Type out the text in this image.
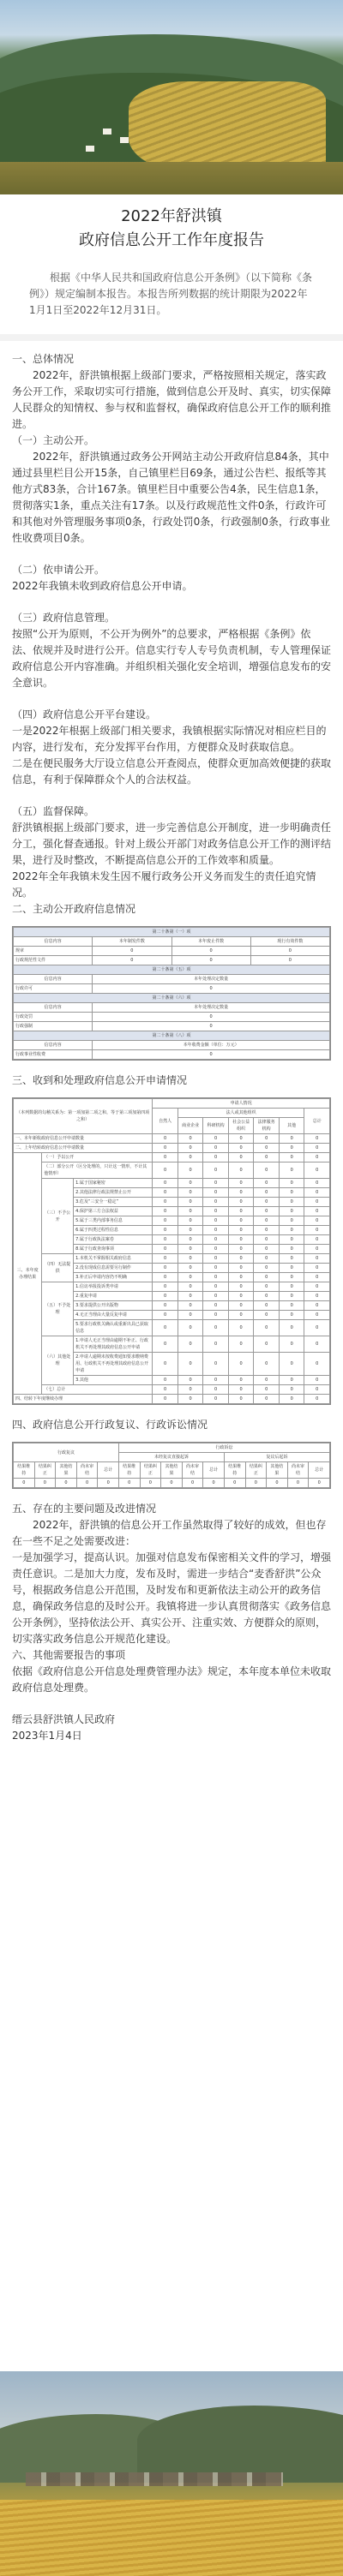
2022年舒洪镇
政府信息公开工作年度报告
根据《中华人民共和国政府信息公开条例》（以下简称《条例》）规定编制本报告。本报告所列数据的统计期限为2022年1月1日至2022年12月31日。

一、总体情况

2022年，舒洪镇根据上级部门要求，严格按照相关规定，落实政务公开工作，采取切实可行措施，做到信息公开及时、真实，切实保障人民群众的知情权、参与权和监督权，确保政府信息公开工作的顺利推进。

（一）主动公开。

2022年，舒洪镇通过政务公开网站主动公开政府信息84条，其中通过县里栏目公开15条，自己镇里栏目69条，通过公告栏、报纸等其他方式83条，合计167条。镇里栏目中重要公告4条，民生信息1条，贯彻落实1条，重点关注有17条。以及行政规范性文件0条，行政许可和其他对外管理服务事项0条，行政处罚0条，行政强制0条，行政事业性收费项目0条。

（二）依申请公开。

2022年我镇未收到政府信息公开申请。

（三）政府信息管理。

按照“公开为原则，不公开为例外”的总要求，严格根据《条例》依法、依规并及时进行公开。信息实行专人专号负责机制，专人管理保证政府信息公开内容准确。并组织相关强化安全培训，增强信息发布的安全意识。

（四）政府信息公开平台建设。

一是2022年根据上级部门相关要求，我镇根据实际情况对相应栏目的内容，进行发布，充分发挥平台作用，方便群众及时获取信息。

二是在便民服务大厅设立信息公开查阅点，使群众更加高效便捷的获取信息，有利于保障群众个人的合法权益。

（五）监督保障。

舒洪镇根据上级部门要求，进一步完善信息公开制度，进一步明确责任分工，强化督查通报。针对上级公开部门对政务信息公开工作的测评结果，进行及时整改，不断提高信息公开的工作效率和质量。

2022年全年我镇未发生因不履行政务公开义务而发生的责任追究情况。

二、主动公开政府信息情况

第二十条第（一）项			
信息内容	本年制发件数	本年废止件数	现行有效件数
规章	0	0	0
行政规范性文件	0	0	0
第二十条第（五）项			
信息内容	本年处理决定数量		
行政许可	0		
第二十条第（六）项			
信息内容	本年处理决定数量		
行政处罚	0		
行政强制	0		
第二十条第（八）项			
信息内容	本年收费金额（单位：万元）		
行政事业性收费	0		
三、收到和处理政府信息公开申请情况
（本列数据的勾稽关系为：第一项加第二项之和，等于第三项加第四项之和）			申请人情况						
			自然人	法人或其他组织					总计
				商业企业	科研机构	社会公益组织	法律服务机构	其他	
一、本年新收政府信息公开申请数量			0	0	0	0	0	0	0
二、上年结转政府信息公开申请数量			0	0	0	0	0	0	0
三、本年度办理结果	（一）予以公开		0	0	0	0	0	0	0
	（二）部分公开（区分处理的，只计这一情形，不计其他情形）		0	0	0	0	0	0	0
	（三）不予公开	1.属于国家秘密	0	0	0	0	0	0	0
		2.其他法律行政法规禁止公开	0	0	0	0	0	0	0
		3.危及“三安全一稳定”	0	0	0	0	0	0	0
		4.保护第三方合法权益	0	0	0	0	0	0	0
		5.属于三类内部事务信息	0	0	0	0	0	0	0
		6.属于四类过程性信息	0	0	0	0	0	0	0
		7.属于行政执法案卷	0	0	0	0	0	0	0
		8.属于行政查询事项	0	0	0	0	0	0	0
	（四）无法提供	1.本机关不掌握相关政府信息	0	0	0	0	0	0	0
		2.没有现成信息需要另行制作	0	0	0	0	0	0	0
		3.补正后申请内容仍不明确	0	0	0	0	0	0	0
	（五）不予处理	1.信访举报投诉类申请	0	0	0	0	0	0	0
		2.重复申请	0	0	0	0	0	0	0
		3.要求提供公开出版物	0	0	0	0	0	0	0
		4.无正当理由大量反复申请	0	0	0	0	0	0	0
		5.要求行政机关确认或重新出具已获取信息	0	0	0	0	0	0	0
	（六）其他处理	1.申请人无正当理由逾期不补正、行政机关不再处理其政府信息公开申请	0	0	0	0	0	0	0
		2.申请人逾期未按收费通知要求缴纳费用、行政机关不再处理其政府信息公开申请	0	0	0	0	0	0	0
		3.其他	0	0	0	0	0	0	0
	（七）总计		0	0	0	0	0	0	0
四、结转下年度继续办理			0	0	0	0	0	0	0
四、政府信息公开行政复议、行政诉讼情况
行政复议					行政诉讼									
					未经复议直接起诉					复议后起诉				
结果维持	结果纠正	其他结果	尚未审结	总计	结果维持	结果纠正	其他结果	尚未审结	总计	结果维持	结果纠正	其他结果	尚未审结	总计
0	0	0	0	0	0	0	0	0	0	0	0	0	0	0

五、存在的主要问题及改进情况

2022年，舒洪镇的信息公开工作虽然取得了较好的成效，但也存在一些不足之处需要改进：

一是加强学习，提高认识。加强对信息发布保密相关文件的学习，增强责任意识。二是加大力度，发布及时，需进一步结合“麦香舒洪”公众号，根据政务信息公开范围，及时发布和更新依法主动公开的政务信息，确保政务信息的及时公开。我镇将进一步认真贯彻落实《政务信息公开条例》，坚持依法公开、真实公开、注重实效、方便群众的原则，切实落实政务信息公开规范化建设。

六、其他需要报告的事项

依据《政府信息公开信息处理费管理办法》规定，本年度本单位未收取政府信息处理费。

缙云县舒洪镇人民政府

2023年1月4日
